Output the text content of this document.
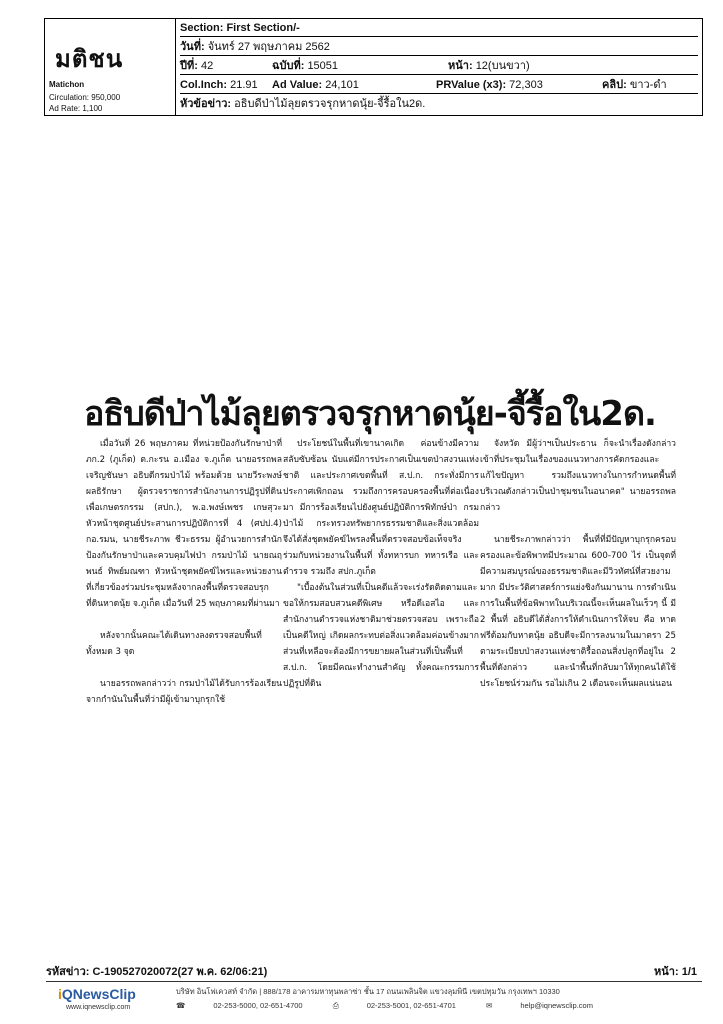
มติชน
Matichon
Circulation: 950,000
Ad Rate: 1,100
Section: First Section/-
วันที่: จันทร์ 27 พฤษภาคม 2562
ปีที่: 42	ฉบับที่: 15051	หน้า: 12(บนขวา)
Col.Inch: 21.91 Ad Value: 24,101	PRValue (x3): 72,303	คลิป: ขาว-ดำ
หัวข้อข่าว: อธิบดีป่าไม้ลุยตรวจรุกหาดนุ้ย-จี้รื้อใน2ด.
อธิบดีป่าไม้ลุยตรวจรุกหาดนุ้ย-จี้รื้อใน2ด.

เมื่อวันที่ 26 พฤษภาคม ที่หน่วยป้องกันรักษาป่าที่ ภก.2 (ภูเก็ต) ต.กะรน อ.เมือง จ.ภูเก็ต นายอรรถพล เจริญชันษา อธิบดีกรมป่าไม้ พร้อมด้วย นายวีระพงษ์ ผลธิรักษา ผู้ตรวจราชการสำนักงานการปฏิรูปที่ดินเพื่อเกษตรกรรม (สปก.), พ.อ.พงษ์เพชร เกษสุวะ หัวหน้าชุดศูนย์ประสานการปฏิบัติการที่ 4 (ศปป.4) กอ.รมน, นายชีระภาพ ชีวะธรรม ผู้อำนวยการสำนักป้องกันรักษาป่าและควบคุมไฟป่า กรมป่าไม้ นายณฤพนธ์ ทิพย์มณฑา หัวหน้าชุดพยัคฆ์ไพรและหน่วยงานที่เกี่ยวข้องร่วมประชุมหลังจากลงพื้นที่ตรวจสอบรุกที่ดินหาดนุ้ย จ.ภูเก็ต เมื่อวันที่ 25 พฤษภาคมที่ผ่านมา

หลังจากนั้นคณะได้เดินทางลงตรวจสอบพื้นที่ทั้งหมด 3 จุด

นายอรรถพลกล่าวว่า กรมป่าไม้ได้รับการร้องเรียนจากกำนันในพื้นที่ว่ามีผู้เข้ามาบุกรุกใช้

ประโยชน์ในพื้นที่เขานาคเกิด ค่อนข้างมีความสลับซับซ้อน นับแต่มีการประกาศเป็นเขตป่าสงวนแห่งชาติ และประกาศเขตพื้นที่ ส.ป.ก. กระทั่งมีการประกาศเพิกถอน รวมถึงการครอบครองพื้นที่ต่อเนื่องมา มีการร้องเรียนไปยังศูนย์ปฏิบัติการพิทักษ์ป่า กรมป่าไม้ กระทรวงทรัพยากรธรรมชาติและสิ่งแวดล้อม จึงได้สั่งชุดพยัคฆ์ไพรลงพื้นที่ตรวจสอบข้อเท็จจริง ร่วมกับหน่วยงานในพื้นที่ ทั้งทหารบก ทหารเรือ และตำรวจ รวมถึง สปก.ภูเก็ต

"เบื้องต้นในส่วนที่เป็นคดีแล้วจะเร่งรัดติดตามและขอให้กรมสอบสวนคดีพิเศษ หรือดีเอสไอ และสำนักงานตำรวจแห่งชาติมาช่วยตรวจสอบ เพราะถือเป็นคดีใหญ่ เกิดผลกระทบต่อสิ่งแวดล้อมค่อนข้างมาก ส่วนที่เหลือจะต้องมีการขยายผลในส่วนที่เป็นพื้นที่ ส.ป.ก. โดยมีคณะทำงานสำคัญ ทั้งคณะกรรมการปฏิรูปที่ดิน

จังหวัด มีผู้ว่าฯเป็นประธาน ก็จะนำเรื่องดังกล่าวเข้าที่ประชุมในเรื่องของแนวทางการคัดกรองและแก้ไขปัญหา รวมถึงแนวทางในการกำหนดพื้นที่บริเวณดังกล่าวเป็นป่าชุมชนในอนาคต" นายอรรถพลกล่าว

นายชีระภาพกล่าวว่า พื้นที่ที่มีปัญหาบุกรุกครอบครองและข้อพิพาทมีประมาณ 600-700 ไร่ เป็นจุดที่มีความสมบูรณ์ของธรรมชาติและมีวิวทัศน์ที่สวยงามมาก มีประวัติศาสตร์การแย่งชิงกันมานาน การดำเนินการในพื้นที่ข้อพิพาทในบริเวณนี้จะเห็นผลในเร็วๆ นี้ มี 2 พื้นที่ อธิบดีได้สั่งการให้ดำเนินการให้จบ คือ หาดฟรีด้อมกับหาดนุ้ย อธิบดีจะมีการลงนามในมาตรา 25 ตามระเบียบป่าสงวนแห่งชาติรื้อถอนสิ่งปลูกที่อยู่ใน 2 พื้นที่ดังกล่าว และนำพื้นที่กลับมาให้ทุกคนได้ใช้ประโยชน์ร่วมกัน รอไม่เกิน 2 เดือนจะเห็นผลแน่นอน

รหัสข่าว: C-190527020072(27 พ.ค. 62/06:21)	หน้า: 1/1
iQNewsClip
www.iqnewsclip.com
บริษัท อินโฟเควสท์ จำกัด | 888/178 อาคารมหาทุนพลาซ่า ชั้น 17 ถนนเพลินจิต แขวงลุมพินี เขตปทุมวัน กรุงเทพฯ 10330
☎	02-253-5000, 02-651-4700	⎙	02-253-5001, 02-651-4701	✉	help@iqnewsclip.com
